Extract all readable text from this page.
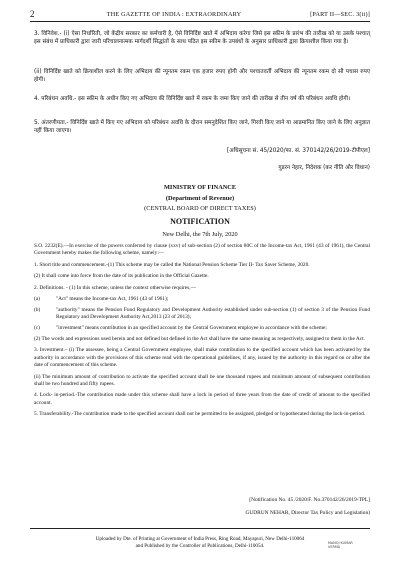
2	THE GAZETTE OF INDIA : EXTRAORDINARY	[PART II—SEC. 3(ii)]
3. विनिवेश.- (i) ऐसा निर्धारिती, जो केंद्रीय सरकार का कर्मचारी है, ऐसे विनिर्दिष्ट खाते में अभिदाय करेगा जिसे इस स्कीम के प्रारंभ की तारीख को या उसके पश्चात् इस संबंध में प्राधिकारी द्वारा जारी परिचालनात्मक मार्गदर्शी सिद्धांतों के साथ पठित इस स्कीम के उपबंधों के अनुसार प्राधिकारी द्वारा क्रियाशील किया गया है।
(ii) विनिर्दिष्ट खाते को क्रियाशील करने के लिए अभिदाय की न्यूनतम रकम एक हजार रुपए होगी और पश्चातवर्ती अभिदाय की न्यूनतम रकम दो सौ पचास रुपए होगी।
4. परिबंधन अवधि.- इस स्कीम के अधीन किए गए अभिदाय की विनिर्दिष्ट खाते में रकम के जमा किए जाने की तारीख से तीन वर्ष की परिबंधन अवधि होगी।
5. अंतरणीयता.- विनिर्दिष्ट खाते में किए गए अभिदाय को परिबंधन अवधि के दौरान समनुदेशित किए जाने, गिरवी किए जाने या आडमानित किए जाने के लिए अनुज्ञात नहीं किया जाएगा।
[अधिसूचना सं. 45/2020/फा. सं. 370142/26/2019-टीपीएल]
गुडरन नेहार, निदेशक (कर नीति और विधान)
MINISTRY OF FINANCE
(Department of Revenue)
(CENTRAL BOARD OF DIRECT TAXES)
NOTIFICATION
New Delhi, the 7th July, 2020

S.O. 2232(E).—In exercise of the powers conferred by clause (xxv) of sub-section (2) of section 80C of the Income-tax Act, 1961 (43 of 1961), the Central Government hereby makes the following scheme, namely:—

1. Short title and commencement.-(1) This scheme may be called the National Pension Scheme Tier II- Tax Saver Scheme, 2020.

(2) It shall come into force from the date of its publication in the Official Gazette.

2. Definitions. - (1) In this scheme, unless the context otherwise requires,—

(a)	"Act" means the Income-tax Act, 1961 (43 of 1961);
(b)	"authority" means the Pension Fund Regulatory and Development Authority established under sub-section (1) of section 3 of the Pension Fund Regulatory and Development Authority Act,2013 (23 of 2013);
(c)	"investment" means contribution in an specified account by the Central Government employee in accordance with the scheme;

(2) The words and expressions used herein and not defined but defined in the Act shall have the same meaning as respectively, assigned to them in the Act.

3. Investment.– (i) The assessee, being a Central Government employee, shall make contribution to the specified account which has been activated by the authority in accordance with the provisions of this scheme read with the operational guidelines, if any, issued by the authority in this regard on or after the date of commencement of this scheme.

(ii) The minimum amount of contribution to activate the specified account shall be one thousand rupees and minimum amount of subsequent contribution shall be two hundred and fifty rupees.

4. Lock- in-period.-The contribution made under this scheme shall have a lock in period of three years from the date of credit of amount to the specified account.

5. Transferability.-The contribution made to the specified account shall not be permitted to be assigned, pledged or hypothecated during the lock-in-period.

[Notification No. 45 /2020/F. No.370142/26/2019-TPL]
GUDRUN NEHAR, Director Tax Policy and Legislation)
Uploaded by Dte. of Printing at Government of India Press, Ring Road, Mayapuri, New Delhi-110064
and Published by the Controller of Publications, Delhi-110054.	MANOJ KUMAR VERMA
